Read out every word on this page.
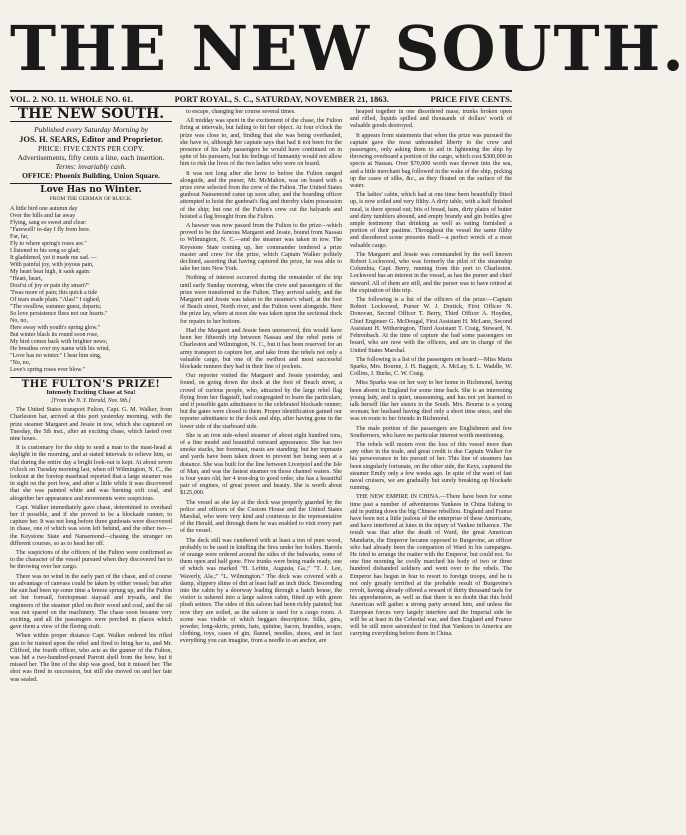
THE NEW SOUTH.
VOL. 2. NO. 11. WHOLE NO. 61.	PORT ROYAL, S. C., SATURDAY, NOVEMBER 21, 1863.	PRICE FIVE CENTS.
THE NEW SOUTH.
Published every Saturday Morning by
JOS. H. SEARS, Editor and Proprietor.
PRICE: FIVE CENTS PER COPY.
Advertisements, fifty cents a line, each insertion.
Terms: invariably cash.
OFFICE: Phoenix Building, Union Square.
Love Has no Winter.
FROM THE GERMAN OF RUECK.
A little bird one autumn day
Over the hills and far away
Flying, sang so sweet and clear:
"Farewell! to-day I fly from here.
Far, far,
Fly to where spring's roses are."
I listened to his song so glad;
It gladdened, yet it made me sad. —
With painful joy, with joyous pain,
My heart beat high, it sank again:
"Heart, heart,
Dost'st of joy or pain thy smart?"
'Twas more of pain; this quick a tide
Of tears made plain. "Alas!" I sighed,
"The swallow, summer guest, departs;
So love persistence flees not our hearts."
No, no,
Here away with youth's spring glow."
But winter black its round soon rose,
My bird comes back with brighter news;
He breathes over my name with his wind,
"Love has no winter." I hear him sing,
"No, no,
Love's spring roses ever blow."
THE FULTON'S PRIZE!
Intensely Exciting Chase at Sea!
[From the N. Y. Herald, Nov. 9th.]

The United States transport Fulton, Capt. G. M. Walker, from Charleston bar, arrived at this port yesterday morning, with the prize steamer Margaret and Jessie in tow, which she captured on Tuesday, the 5th inst., after an exciting chase, which lasted over nine hours.

It is customary for the ship to send a man to the mast-head at daylight in the morning, and at stated intervals to relieve him, so that during the entire day a bright look-out is kept. At about seven o'clock on Tuesday morning last, when off Wilmington, N. C., the lookout at the foretop masthead reported that a large steamer was in sight on the port bow, and after a little while it was discovered that she was painted white and was burning soft coal, and altogether her appearance and movements were suspicious.

Capt. Walker immediately gave chase, determined to overhaul her if possible, and if she proved to be a blockade runner, to capture her. It was not long before three gunboats were discovered in chase, one of which was soon left behind, and the other two—the Keystone State and Nansemond—chasing the stranger on different courses, so as to head her off.

The suspicions of the officers of the Fulton were confirmed as to the character of the vessel pursued when they discovered her to be throwing over her cargo.

There was no wind in the early part of the chase, and of course no advantage of canvass could be taken by either vessel; but after the sun had been up some time a breeze sprung up, and the Fulton set her foresail, foretopmast staysail and trysails, and the engineers of the steamer piled on their wood and coal, and the oil was not spared on the machinery. The chase soon became very exciting, and all the passengers were perched in places which gave them a view of the fleeing craft.

When within proper distance Capt. Walker ordered his rifled gun to be trained upon the rebel and fired to bring her to, and Mr. Clifford, the fourth officer, who acts as the gunner of the Fulton, was hid a two-hundred-pound Parrott shell from the bow, but it missed her. The line of the ship was good, but it missed her. The shot was fired in succession, but still she moved on and her fate was sealed.

to escape, changing her course several times.

All midday was spent in the excitement of the chase, the Fulton firing at intervals, but failing to hit her object. At four o'clock the prize was close to, and, finding that she was being overhauled, she have to, although her captain says that had it not been for the presence of his lady passengers he would have continued on in spite of his pursuers, but his feelings of humanity would not allow him to risk the lives of the two ladies who were on board.

It was not long after she hove to before the Fulton ranged alongside, and the purser, Mr. McMahon, was on board with a prize crew selected from the crew of the Fulton. The United States gunboat Nansemond came up soon after, and the boarding officer attempted to hoist the gunboat's flag and thereby claim possession of the ship; but one of the Fulton's crew cut the halyards and hoisted a flag brought from the Fulton.

A hawser was now passed from the Fulton to the prize—which proved to be the famous Margaret and Jessie, bound from Nassau to Wilmington, N. C.—and the steamer was taken in tow. The Keystone State coming up, her commander tendered a prize master and crew for the prize, which Captain Walker politely declined, asserting that having captured the prize, he was able to take her into New York.

Nothing of interest occurred during the remainder of the trip until early Sunday morning, when the crew and passengers of the prize were transferred to the Fulton. They arrived safely, and the Margaret and Jessie was taken to the steamer's wharf, at the foot of Beach street, North river, and the Fulton went alongside. Here the prize lay, where at noon she was taken upon the sectional dock for repairs to her bottom.

Had the Margaret and Jessie been unreserved, this would have been her fifteenth trip between Nassau and the rebel ports of Charleston and Wilmington, N. C., but it has been reserved for an army transport to capture her, and take from the rebels not only a valuable cargo, but one of the swiftest and most successful blockade runners they had in their line of pockets.

Our reporter visited the Margaret and Jessie yesterday, and found, on going down the dock at the foot of Beach street, a crowd of curious people, who, attracted by the large rebel flag flying from her flagstaff, had congregated to learn the particulars, and if possible gain admittance to the celebrated blockade runner; but the gates were closed to them. Proper identification gained our reporter admittance to the dock and ship, after having gone in the lower side of the starboard side.

She is an iron side-wheel steamer of about eight hundred tons, of a fine model and beautiful outward appearance. She has two smoke stacks, her foremast, masts are standing; but her topmasts and yards have been taken down to prevent her being seen at a distance. She was built for the line between Liverpool and the Isle of Man, and was the fastest steamer on those channel waters. She is four years old, her 4 iron-dog to good order, she has a beautiful pair of engines, of great power and beauty. She is worth about $125,000.

The vessel as she lay at the dock was properly guarded by the police and officers of the Custom House and the United States Marshal, who were very kind and courteous to the representative of the Herald, and through them he was enabled to visit every part of the vessel.

The deck still was cumbered with at least a ton of pure wood, probably to be used in kindling the fires under her boilers. Barrels of orange were ordered around the sides of the bulwarks, some of them open and half gone. Five trunks were being made ready, one of which was marked "H. Lefitte, Augusta, Ga.;" "T. J. Lee, Waverly, Ala.;" "L. Wilmington." The deck was covered with a damp, slippery slime of dirt at least half an inch thick. Descending into the cabin by a doorway leading through a hatch house, the visitor is ushered into a large saloon cabin, fitted up with green plush settees. The sides of this saloon had been richly painted; but now they are soiled, as the saloon is used for a cargo room. A scene was visible of which beggars description. Silks, gins, powder, long-skirts, prints, hats, quinine, bacon, brandies, soaps, clothing, toys, cases of gin, flannel, needles, shoes, and in fact everything you can imagine, from a needle to an anchor, are

heaped together in one disordered mass; trunks broken open and rifled, liquids spilled and thousands of dollars' worth of valuable goods destroyed.

It appears from statements that when the prize was pursued the captain gave the most unbounded liberty to the crew and passengers, only asking them to aid in lightening the ship by throwing overboard a portion of the cargo, which cost $300,000 in specie at Nassau. Over $70,000 worth was thrown into the sea, and a little merchant bag followed in the wake of the ship, picking up the cases of silks, &c., as they floated on the surface of the water.

The ladies' cabin, which had at one time been beautifully fitted up, is now soiled and very filthy. A dirty table, with a half finished meal, is there spread out; bits of bread, ham, dirty plates of butter and dirty tumblers abound, and empty brandy and gin bottles give ample testimony that drinking as well as eating furnished a portion of their pastime. Throughout the vessel the same filthy and disordered scene presents itself—a perfect wreck of a most valuable cargo.

The Margaret and Jessie was commanded by the well known Robert Lockwood, who was formerly the pilot of the steamship Columbia, Capt. Berry, running from this port to Charleston. Lockwood has an interest in the vessel, as has the purser and chief steward. All of them are still, and the purser was to have retired at the expiration of this trip.

The following is a list of the officers of the prize:—Captain Robert Lockwood, Purser W. J. Dortick, First Officer N. Donovan, Second Officer T. Berry, Third Officer A. Hoyden, Chief Engineer G. McDougal, First Assistant H. McLane, Second Assistant H. Witherington, Third Assistant T. Craig, Steward, N. Fehrenbach. At the time of capture she had some passengers on board, who are now with the officers, and are in charge of the United States Marshal.

The following is a list of the passengers on board:—Miss Maria Sparks, Mrs. Bourne, J. H. Baggott, A. McLay, S. L. Waddle, W. Collins, J. Burke, C. W. Craig.

Miss Sparks was on her way to her home in Richmond, having been absent in England for some time back. She is an interesting young lady, and is quiet, unassuming, and has not yet learned to talk herself like her sisters in the South. Mrs. Bourne is a young woman; her husband having died only a short time since, and she was en route to her friends in Richmond.

The male portion of the passengers are Englishmen and few Southerners, who have no particular interest worth mentioning.

The rebels will mourn over the loss of this vessel more than any other in the trade, and great credit is due Captain Walker for his perseverance in his pursuit of her. This line of steamers has been singularly fortunate, on the other side, the Keys, captured the steamer Emily only a few weeks ago. In spite of the want of fast naval cruisers, we are gradually but surely breaking up blockade running.

THE NEW EMPIRE IN CHINA.—There have been for some time past a number of adventurous Yankees in China fishing to aid in putting down the big Chinese rebellion. England and France have been not a little jealous of the enterprise of these Americans, and have interfered at lutes in the injury of Yankee influence. The result was that after the death of Ward, the great American Mandarin, the Emperor became opposed to Burgevine, an officer who had already been the companion of Ward in his campaigns. He tried to arrange the matter with the Emperor, but could not. So one fine morning he coolly marched his body of two or three hundred disbanded soldiers and went over to the rebels. The Emperor has begun in fear to resort to foreign troops, and he is not only greatly terrified at the probable result of Burgevine's revolt, having already offered a reward of thirty thousand taels for his apprehension, as well as that there is no doubt that this bold American will gather a strong party around him, and unless the European forces very largely interfere and the Imperial side he will be at least in the Celestial war, and then England and France will be still more astonished to find that Yankees in America are carrying everything before them in China.
